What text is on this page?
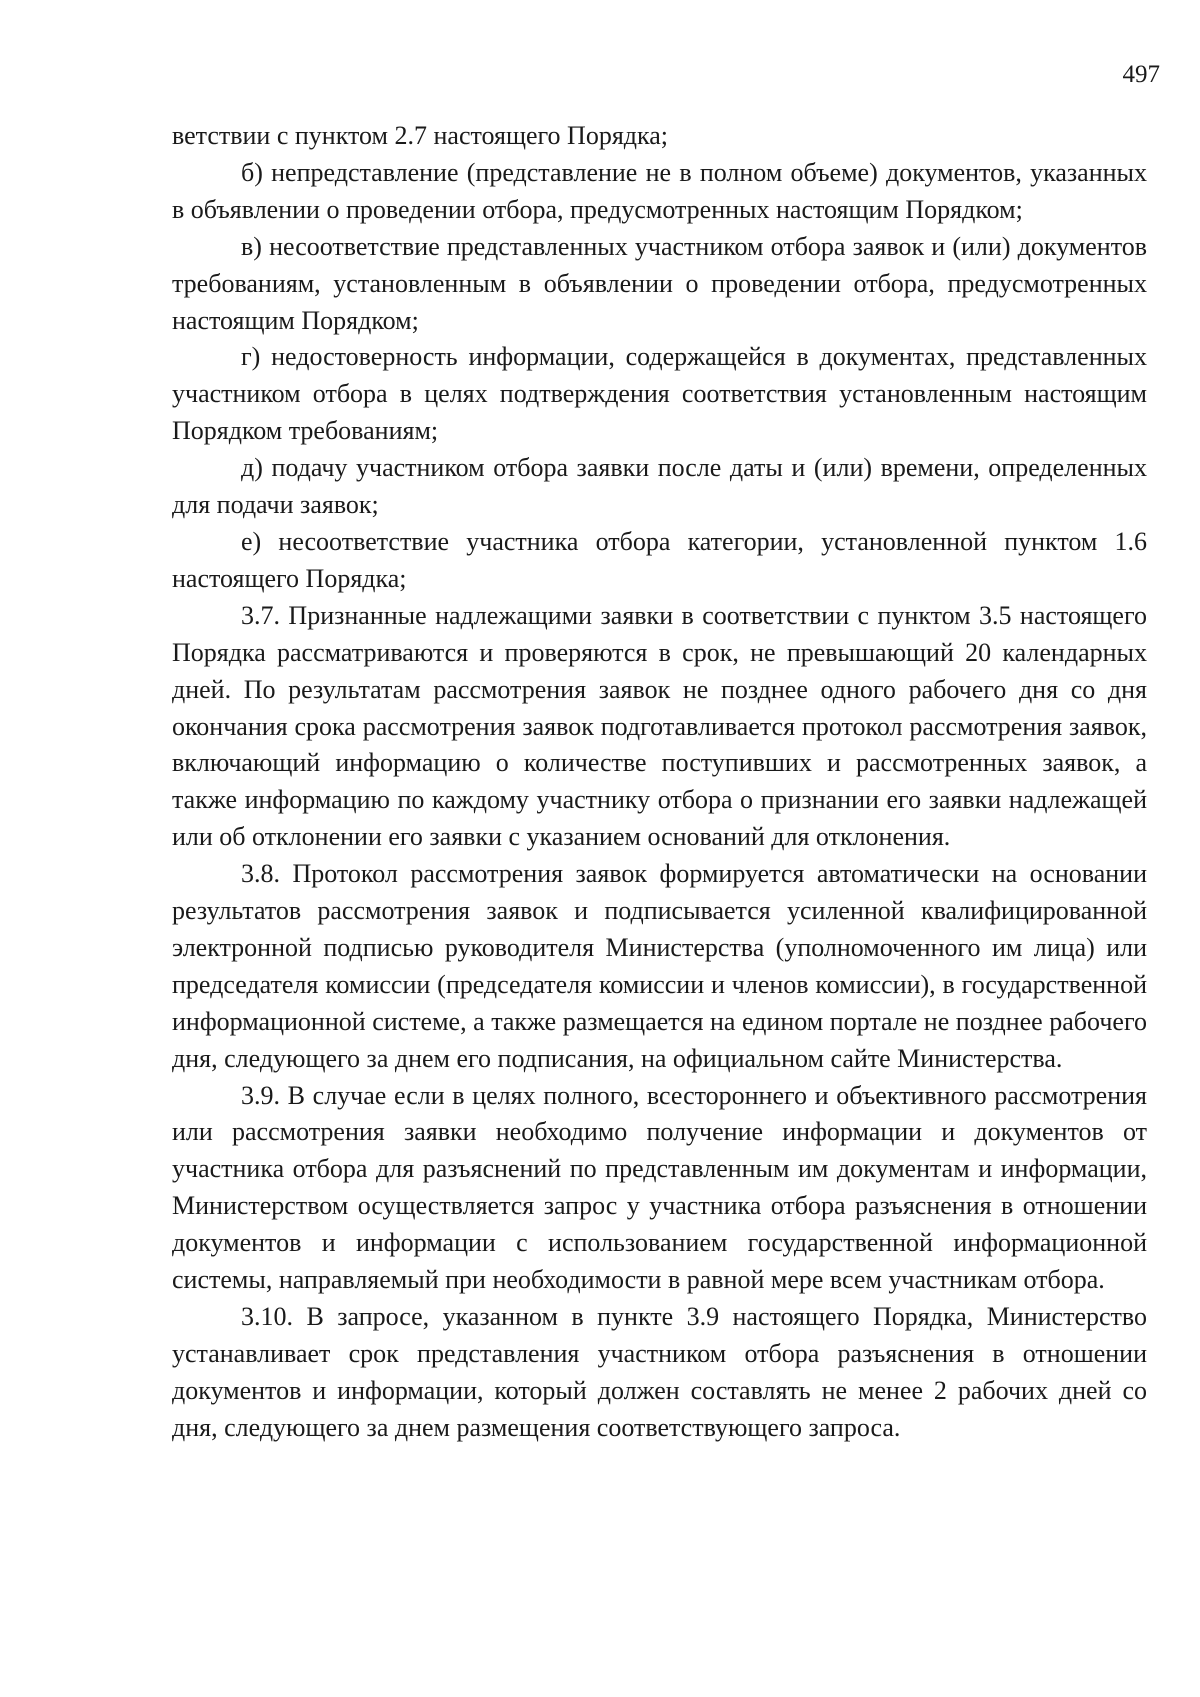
497

ветствии с пунктом 2.7 настоящего Порядка;

б) непредставление (представление не в полном объеме) документов, указанных в объявлении о проведении отбора, предусмотренных настоящим Порядком;

в) несоответствие представленных участником отбора заявок и (или) документов требованиям, установленным в объявлении о проведении отбора, предусмотренных настоящим Порядком;

г) недостоверность информации, содержащейся в документах, представленных участником отбора в целях подтверждения соответствия установленным настоящим Порядком требованиям;

д) подачу участником отбора заявки после даты и (или) времени, определенных для подачи заявок;

е) несоответствие участника отбора категории, установленной пунктом 1.6 настоящего Порядка;

3.7. Признанные надлежащими заявки в соответствии с пунктом 3.5 настоящего Порядка рассматриваются и проверяются в срок, не превышающий 20 календарных дней. По результатам рассмотрения заявок не позднее одного рабочего дня со дня окончания срока рассмотрения заявок подготавливается протокол рассмотрения заявок, включающий информацию о количестве поступивших и рассмотренных заявок, а также информацию по каждому участнику отбора о признании его заявки надлежащей или об отклонении его заявки с указанием оснований для отклонения.

3.8. Протокол рассмотрения заявок формируется автоматически на основании результатов рассмотрения заявок и подписывается усиленной квалифицированной электронной подписью руководителя Министерства (уполномоченного им лица) или председателя комиссии (председателя комиссии и членов комиссии), в государственной информационной системе, а также размещается на едином портале не позднее рабочего дня, следующего за днем его подписания, на официальном сайте Министерства.

3.9. В случае если в целях полного, всестороннего и объективного рассмотрения или рассмотрения заявки необходимо получение информации и документов от участника отбора для разъяснений по представленным им документам и информации, Министерством осуществляется запрос у участника отбора разъяснения в отношении документов и информации с использованием государственной информационной системы, направляемый при необходимости в равной мере всем участникам отбора.

3.10. В запросе, указанном в пункте 3.9 настоящего Порядка, Министерство устанавливает срок представления участником отбора разъяснения в отношении документов и информации, который должен составлять не менее 2 рабочих дней со дня, следующего за днем размещения соответствующего запроса.
